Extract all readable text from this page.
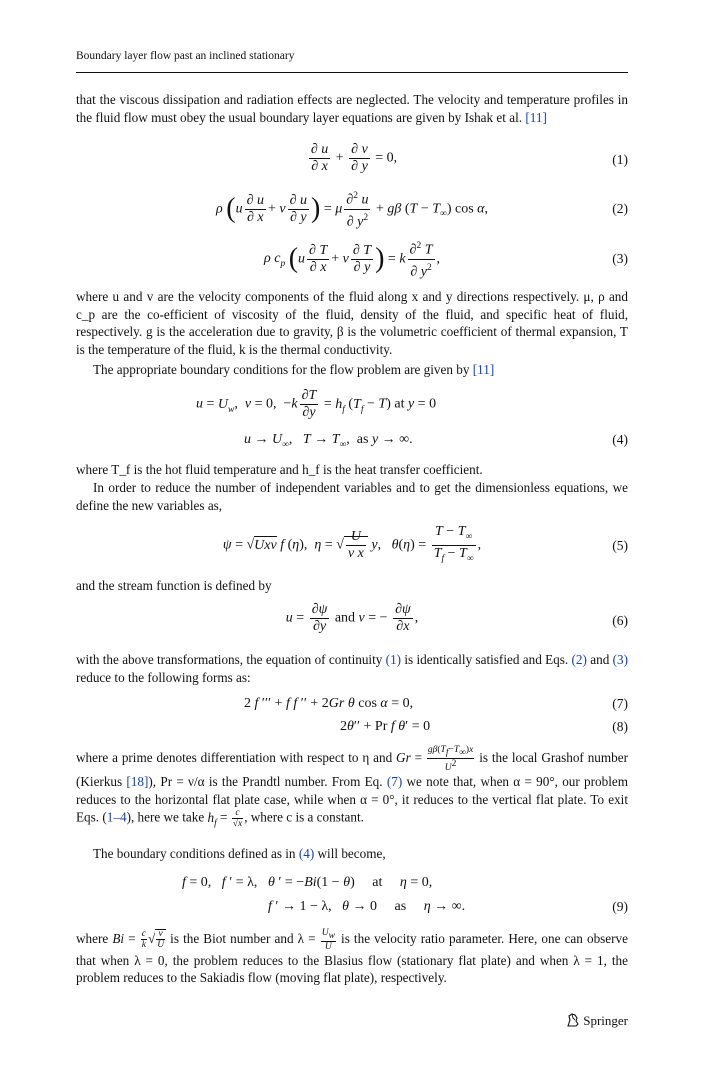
Boundary layer flow past an inclined stationary
that the viscous dissipation and radiation effects are neglected. The velocity and temperature profiles in the fluid flow must obey the usual boundary layer equations are given by Ishak et al. [11]
$\frac{\partial u}{\partial x} + \frac{\partial v}{\partial y} = 0$,	(1)
ρ ($u \frac{\partial u}{\partial x} + v \frac{\partial u}{\partial y}$ ) = μ $\frac{\partial^2 u}{\partial y^2} + g\beta$ $(T - T_\infty)$ cos α,	(2)
ρ $c_p$ ($u \frac{\partial T}{\partial x} + v \frac{\partial T}{\partial y}$ ) = k $\frac{\partial^2 T}{\partial y^2}$ ,	(3)
where u and v are the velocity components of the fluid along x and y directions respectively. μ, ρ and c_p are the co-efficient of viscosity of the fluid, density of the fluid, and specific heat of fluid, respectively. g is the acceleration due to gravity, β is the volumetric coefficient of thermal expansion, T is the temperature of the fluid, k is the thermal conductivity.
The appropriate boundary conditions for the flow problem are given by [11]
$u = U_w$,  v = 0,  $-k \frac{\partial T}{\partial y} = h_f$ $(T_f - T)$ at y = 0
$u \to U_\infty$,   $T \to T_\infty$,  as y → ∞.	(4)
where T_f is the hot fluid temperature and h_f is the heat transfer coefficient.
In order to reduce the number of independent variables and to get the dimensionless equations, we define the new variables as,
ψ = √Uxν f (η),  η = √ $\frac{U}{\text{ν x}} y$,   $\theta(\eta) = \frac{T - T_\infty}{T_f - T_\infty}$ ,	(5)
and the stream function is defined by
$u = \frac{\partial\psi}{\partial y}$ and v = − $\frac{\partial\psi}{\partial x}$ ,	(6)
with the above transformations, the equation of continuity (1) is identically satisfied and Eqs. (2) and (3) reduce to the following forms as:
2 f ′′′ + f f ′′ + 2Gr θ cos α = 0,	(7)
2θ′′ + Pr f θ′ = 0	(8)
where a prime denotes differentiation with respect to η and $Gr = \frac{g\beta(T_f-T_\infty)x}{U^2}$ is the local Grashof number (Kierkus [18]), Pr = ν/α is the Prandtl number. From Eq. (7) we note that, when α = 90°, our problem reduces to the horizontal flat plate case, while when α = 0°, it reduces to the vertical flat plate. To exit Eqs. (1–4), here we take $h_f = \frac{c}{√x}$ , where c is a constant.
The boundary conditions defined as in (4) will become,
f = 0,   f ′ = λ,   θ ′ = −Bi(1 − θ)     at     η = 0,
f ′ → 1 − λ,   θ → 0     as     η → ∞.	(9)
where $Bi = \frac{c}{k}$ √ $\frac{\nu}{U}$ is the Biot number and $\lambda = \frac{U_w}{U}$ is the velocity ratio parameter. Here, one can observe that when λ = 0, the problem reduces to the Blasius flow (stationary flat plate) and when λ = 1, the problem reduces to the Sakiadis flow (moving flat plate), respectively.
Springer
